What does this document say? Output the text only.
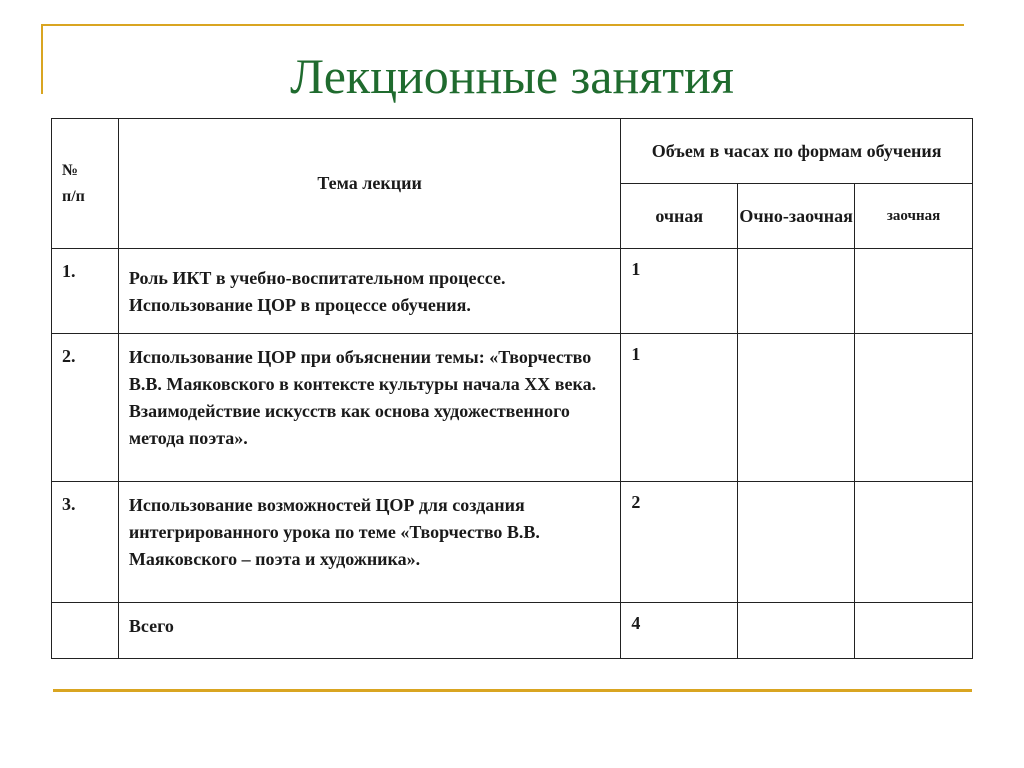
Лекционные занятия
№
п/п	Тема лекции	Объем в часах по формам обучения		
		очная	Очно-заочная	заочная
1.	Роль ИКТ в учебно-воспитательном процессе. Использование ЦОР в процессе обучения.	1		
2.	Использование ЦОР при объяснении темы: «Творчество В.В. Маяковского в контексте культуры начала XX века. Взаимодействие искусств как основа художественного метода поэта».	1		
3.	Использование возможностей ЦОР для создания интегрированного урока по теме «Творчество В.В. Маяковского – поэта и художника».	2		
	Всего	4		
